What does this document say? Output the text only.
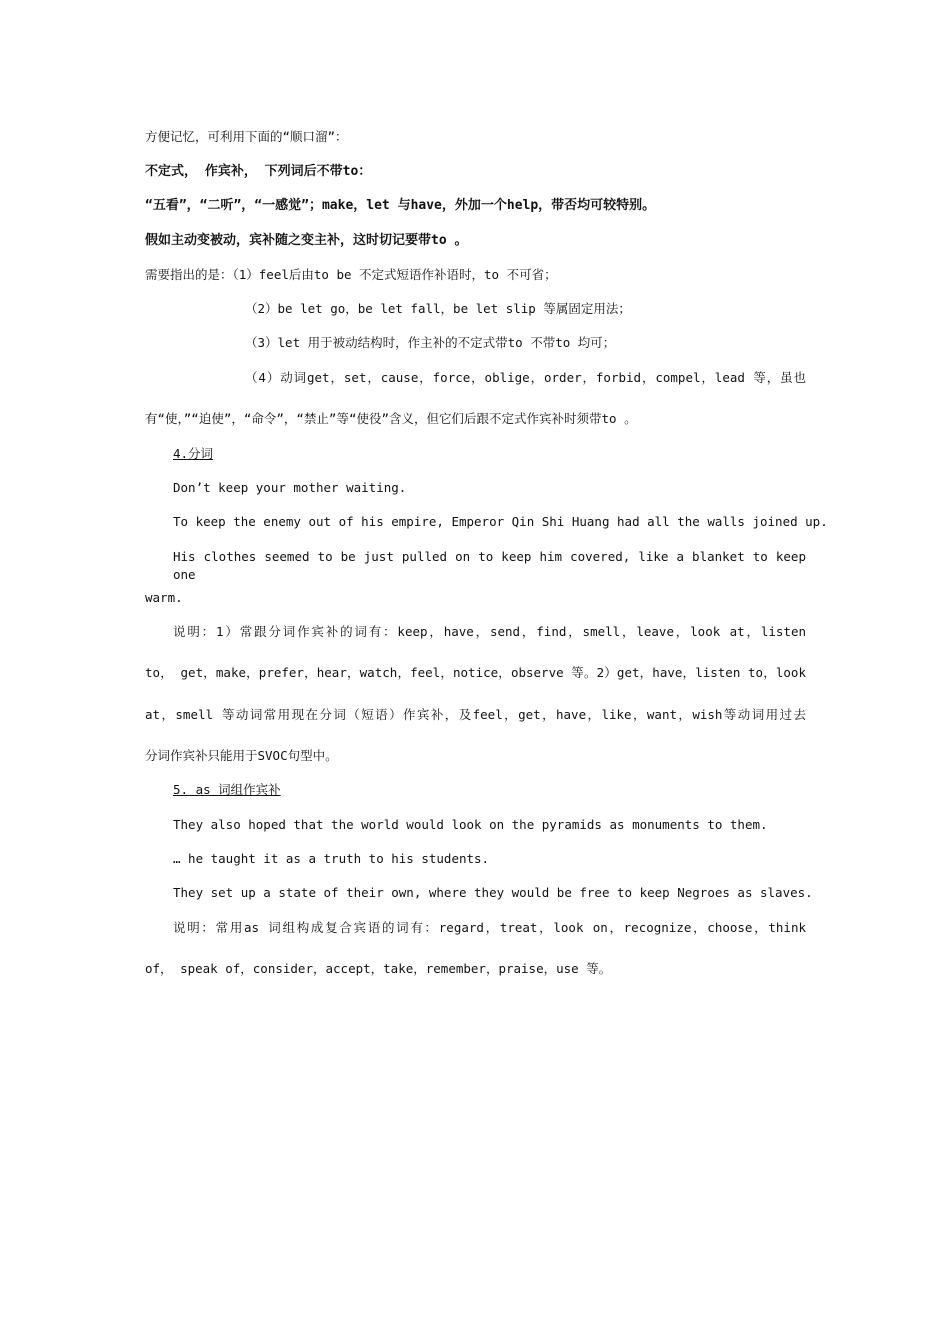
方便记忆，可利用下面的“顺口溜”：
不定式， 作宾补， 下列词后不带to：
“五看”，“二听”，“一感觉”；make，let 与have，外加一个help，带否均可较特别。
假如主动变被动，宾补随之变主补，这时切记要带to 。
需要指出的是：（1）feel后由to be 不定式短语作补语时，to 不可省；
（2）be let go，be let fall，be let slip 等属固定用法；
（3）let 用于被动结构时，作主补的不定式带to 不带to 均可；
（4）动词get，set，cause，force，oblige，order，forbid，compel，lead 等，虽也
有“使，”“迫使”，“命令”，“禁止”等“使役”含义，但它们后跟不定式作宾补时须带to 。
4.分词
Don’t keep your mother waiting.
To keep the enemy out of his empire, Emperor Qin Shi Huang had all the walls joined up.
His clothes seemed to be just pulled on to keep him covered, like a blanket to keep one
warm.
说明：1）常跟分词作宾补的词有：keep，have，send，find，smell，leave，look at，listen
to， get，make，prefer，hear，watch，feel，notice，observe 等。2）get，have，listen to，look
at，smell 等动词常用现在分词（短语）作宾补，及feel，get，have，like，want，wish等动词用过去
分词作宾补只能用于SVOC句型中。
5. as 词组作宾补
They also hoped that the world would look on the pyramids as monuments to them.
… he taught it as a truth to his students.
They set up a state of their own, where they would be free to keep Negroes as slaves.
说明：常用as 词组构成复合宾语的词有：regard，treat，look on，recognize，choose，think
of， speak of，consider，accept，take，remember，praise，use 等。
